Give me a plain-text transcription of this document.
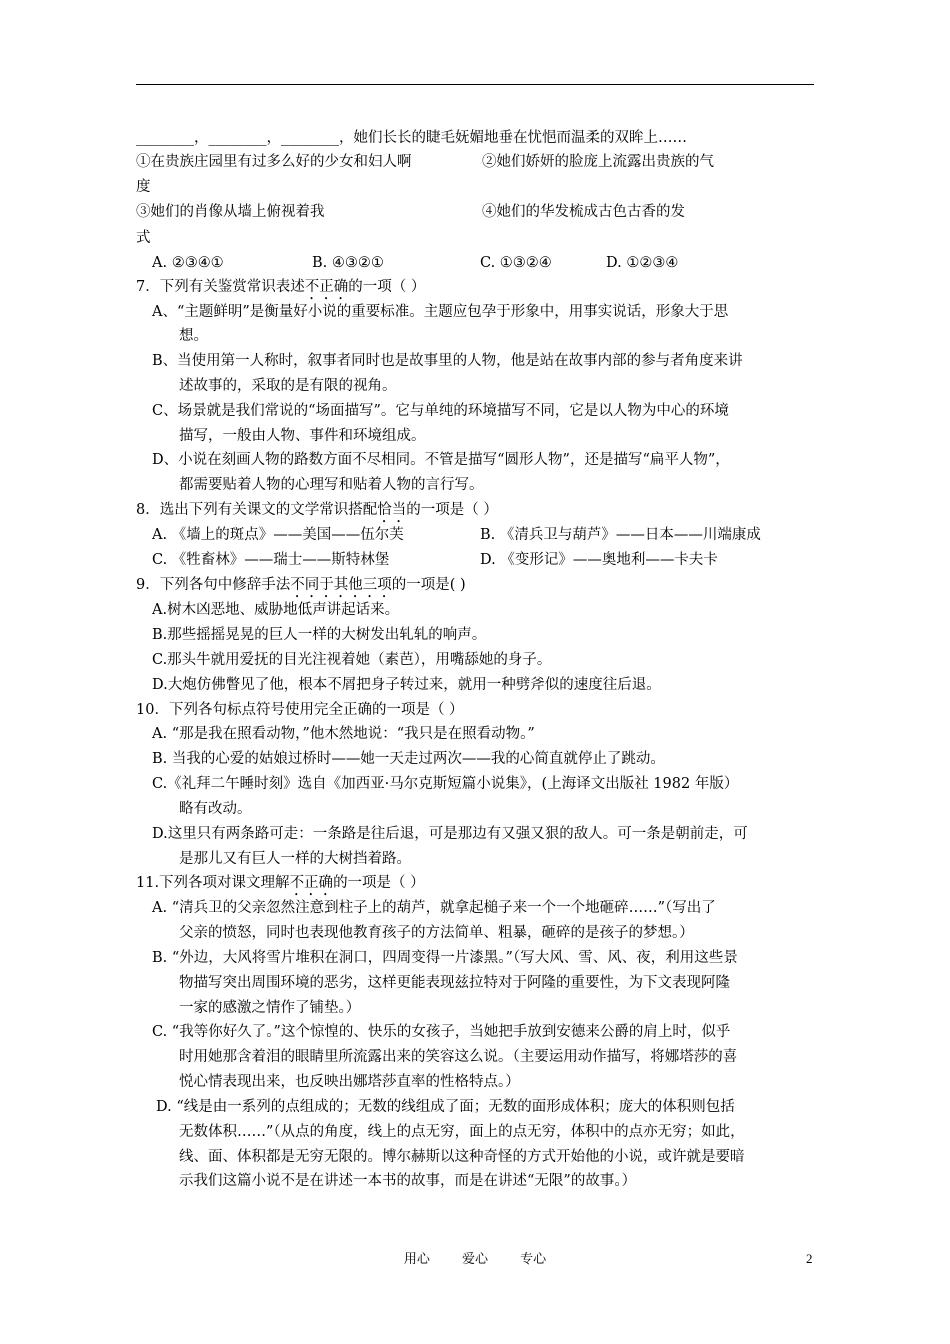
________，________，________，她们长长的睫毛妩媚地垂在忧悒而温柔的双眸上……
①在贵族庄园里有过多么好的少女和妇人啊	②她们娇妍的脸庞上流露出贵族的气
度
③她们的肖像从墙上俯视着我	④她们的华发梳成古色古香的发
式
A. ②③④①	B. ④③②①	C. ①③②④	D. ①②③④
7．下列有关鉴赏常识表述不正确的一项（ ）
A、“主题鲜明”是衡量好小说的重要标准。主题应包孕于形象中，用事实说话，形象大于思
想。
B、当使用第一人称时，叙事者同时也是故事里的人物，他是站在故事内部的参与者角度来讲
述故事的，采取的是有限的视角。
C、场景就是我们常说的“场面描写”。它与单纯的环境描写不同，它是以人物为中心的环境
描写，一般由人物、事件和环境组成。
D、小说在刻画人物的路数方面不尽相同。不管是描写“圆形人物”，还是描写“扁平人物”，
都需要贴着人物的心理写和贴着人物的言行写。
8．选出下列有关课文的文学常识搭配恰当的一项是（ ）
A. 《墙上的斑点》——美国——伍尔芙	B. 《清兵卫与葫芦》——日本——川端康成
C. 《牲畜林》——瑞士——斯特林堡	D. 《变形记》——奥地利——卡夫卡
9．下列各句中修辞手法不同于其他三项的一项是( )
A.树木凶恶地、威胁地低声讲起话来。
B.那些摇摇晃晃的巨人一样的大树发出轧轧的响声。
C.那头牛就用爱抚的目光注视着她（素芭），用嘴舔她的身子。
D.大炮仿佛瞥见了他，根本不屑把身子转过来，就用一种劈斧似的速度往后退。
10．下列各句标点符号使用完全正确的一项是（ ）
A. “那是我在照看动物，”他木然地说：“我只是在照看动物。”
B. 当我的心爱的姑娘过桥时——她一天走过两次——我的心简直就停止了跳动。
C.《礼拜二午睡时刻》选自《加西亚·马尔克斯短篇小说集》，(上海译文出版社 1982 年版）
略有改动。
D.这里只有两条路可走：一条路是往后退，可是那边有又强又狠的敌人。可一条是朝前走，可
是那儿又有巨人一样的大树挡着路。
11.下列各项对课文理解不正确的一项是（ ）
A. “清兵卫的父亲忽然注意到柱子上的葫芦，就拿起槌子来一个一个地砸碎……”（写出了
父亲的愤怒，同时也表现他教育孩子的方法简单、粗暴，砸碎的是孩子的梦想。）
B. “外边，大风将雪片堆积在洞口，四周变得一片漆黑。”（写大风、雪、风、夜，利用这些景
物描写突出周围环境的恶劣，这样更能表现兹拉特对于阿隆的重要性，为下文表现阿隆
一家的感激之情作了铺垫。）
C. “我等你好久了。”这个惊惶的、快乐的女孩子，当她把手放到安德来公爵的肩上时，似乎
时用她那含着泪的眼睛里所流露出来的笑容这么说。（主要运用动作描写，将娜塔莎的喜
悦心情表现出来，也反映出娜塔莎直率的性格特点。）
D. “线是由一系列的点组成的；无数的线组成了面；无数的面形成体积；庞大的体积则包括
无数体积……”（从点的角度，线上的点无穷，面上的点无穷，体积中的点亦无穷；如此，
线、面、体积都是无穷无限的。博尔赫斯以这种奇怪的方式开始他的小说，或许就是要暗
示我们这篇小说不是在讲述一本书的故事，而是在讲述“无限”的故事。）
用心 爱心 专心	2
